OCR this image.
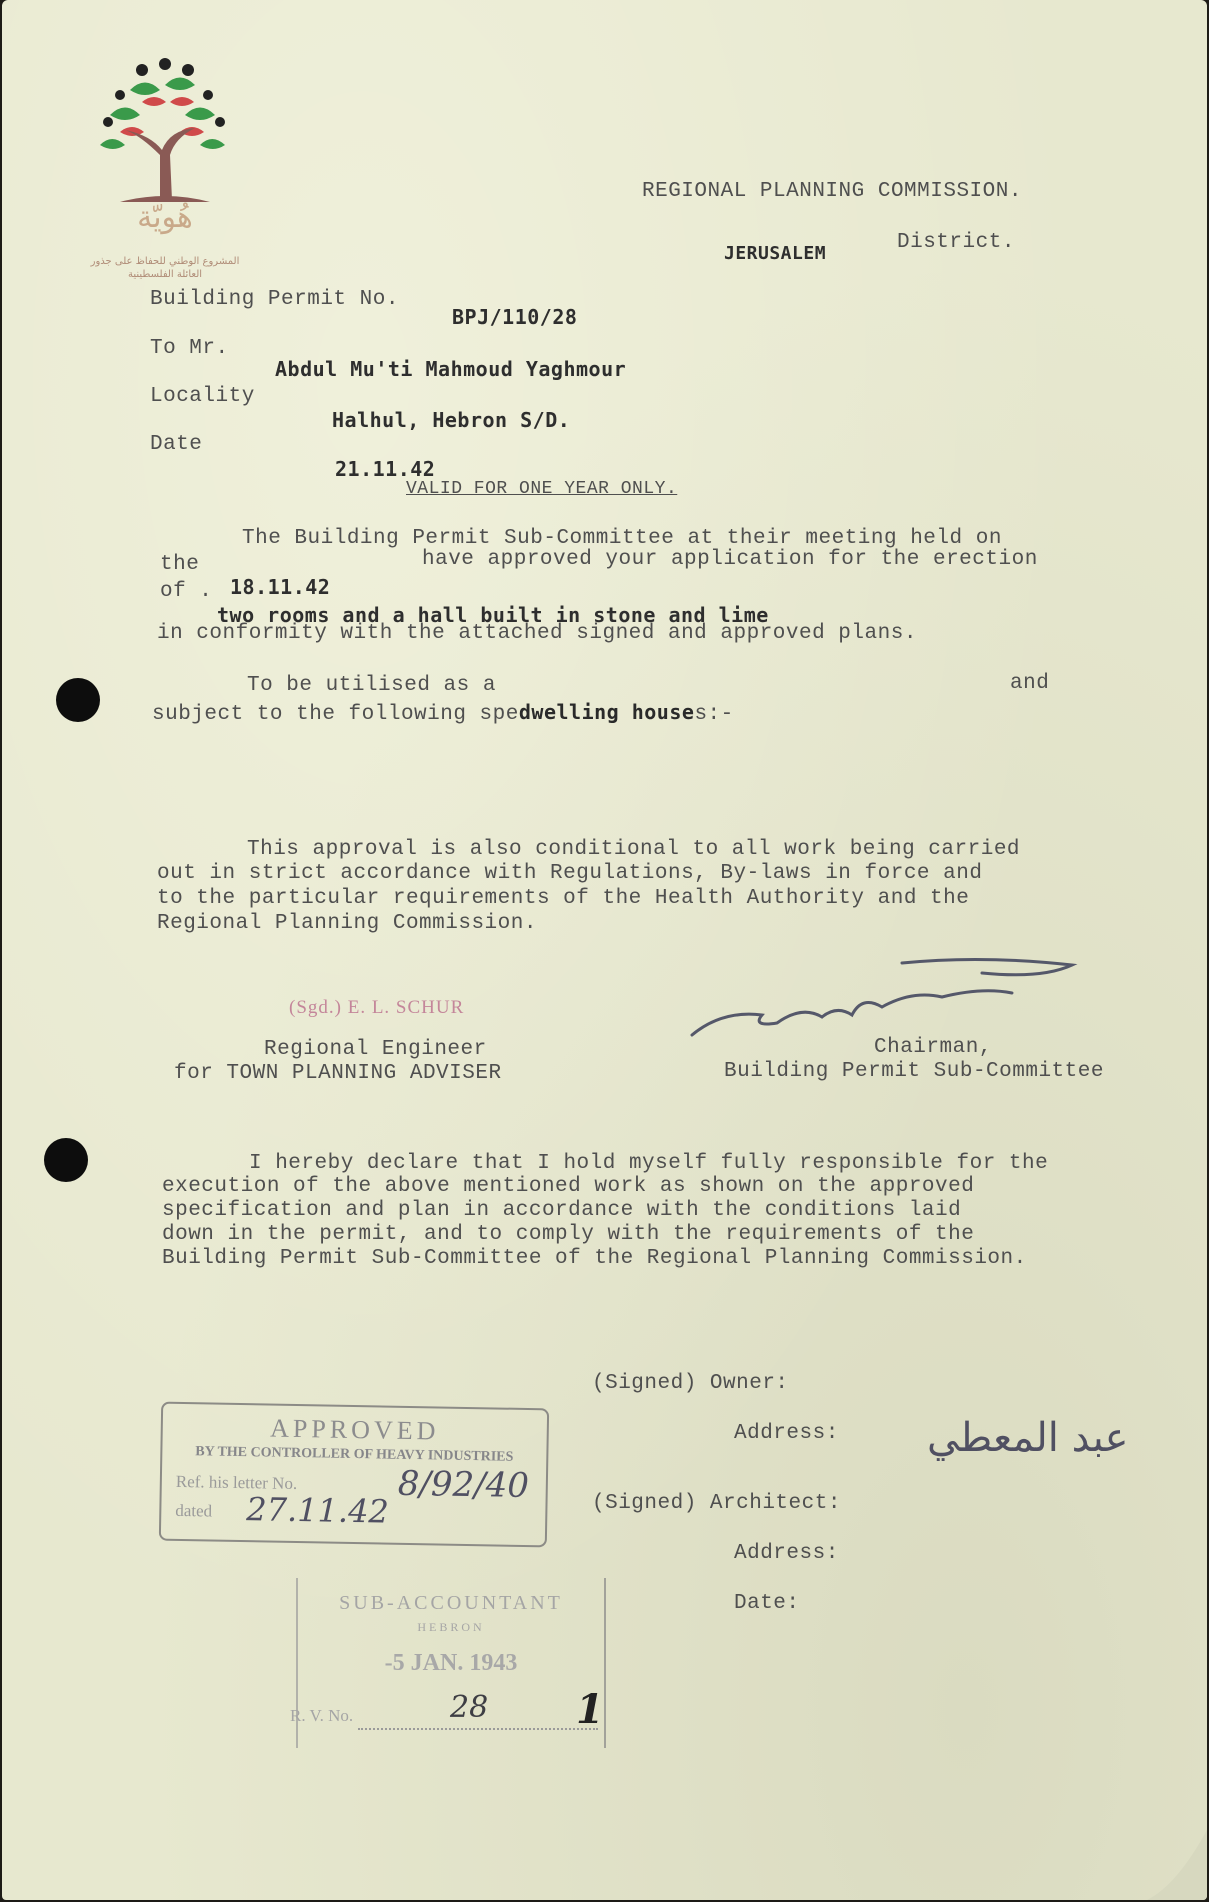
هُويّة
المشروع الوطني للحفاظ على جذور العائلة الفلسطينية
REGIONAL PLANNING COMMISSION.
JERUSALEM	District.
Building Permit No.
BPJ/110/28
To Mr.
Abdul Mu'ti Mahmoud Yaghmour
Locality
Halhul, Hebron S/D.
Date
21.11.42
VALID FOR ONE YEAR ONLY.
The Building Permit Sub-Committee at their meeting held on
the	have approved your application for the erection
of . 18.11.42
two rooms and a hall built in stone and lime
in conformity with the attached signed and approved plans.
To be utilised as a	and
subject to the following spedwelling houses:-
This approval is also conditional to all work being carried
out in strict accordance with Regulations, By-laws in force and
to the particular requirements of the Health Authority and the
Regional Planning Commission.
(Sgd.) E. L. SCHUR
Regional Engineer
for TOWN PLANNING ADVISER
Chairman,
Building Permit Sub-Committee
I hereby declare that I hold myself fully responsible for the
execution of the above mentioned work as shown on the approved
specification and plan in accordance with the conditions laid
down in the permit, and to comply with the requirements of the
Building Permit Sub-Committee of the Regional Planning Commission.
(Signed) Owner:
Address: عبد المعطي
(Signed) Architect:
Address:
Date:
APPROVED
BY THE CONTROLLER OF HEAVY INDUSTRIES
Ref. his letter No.	8/92/40
dated 27.11.42
SUB-ACCOUNTANT
HEBRON
-5 JAN. 1943
R. V. No.	28 1
